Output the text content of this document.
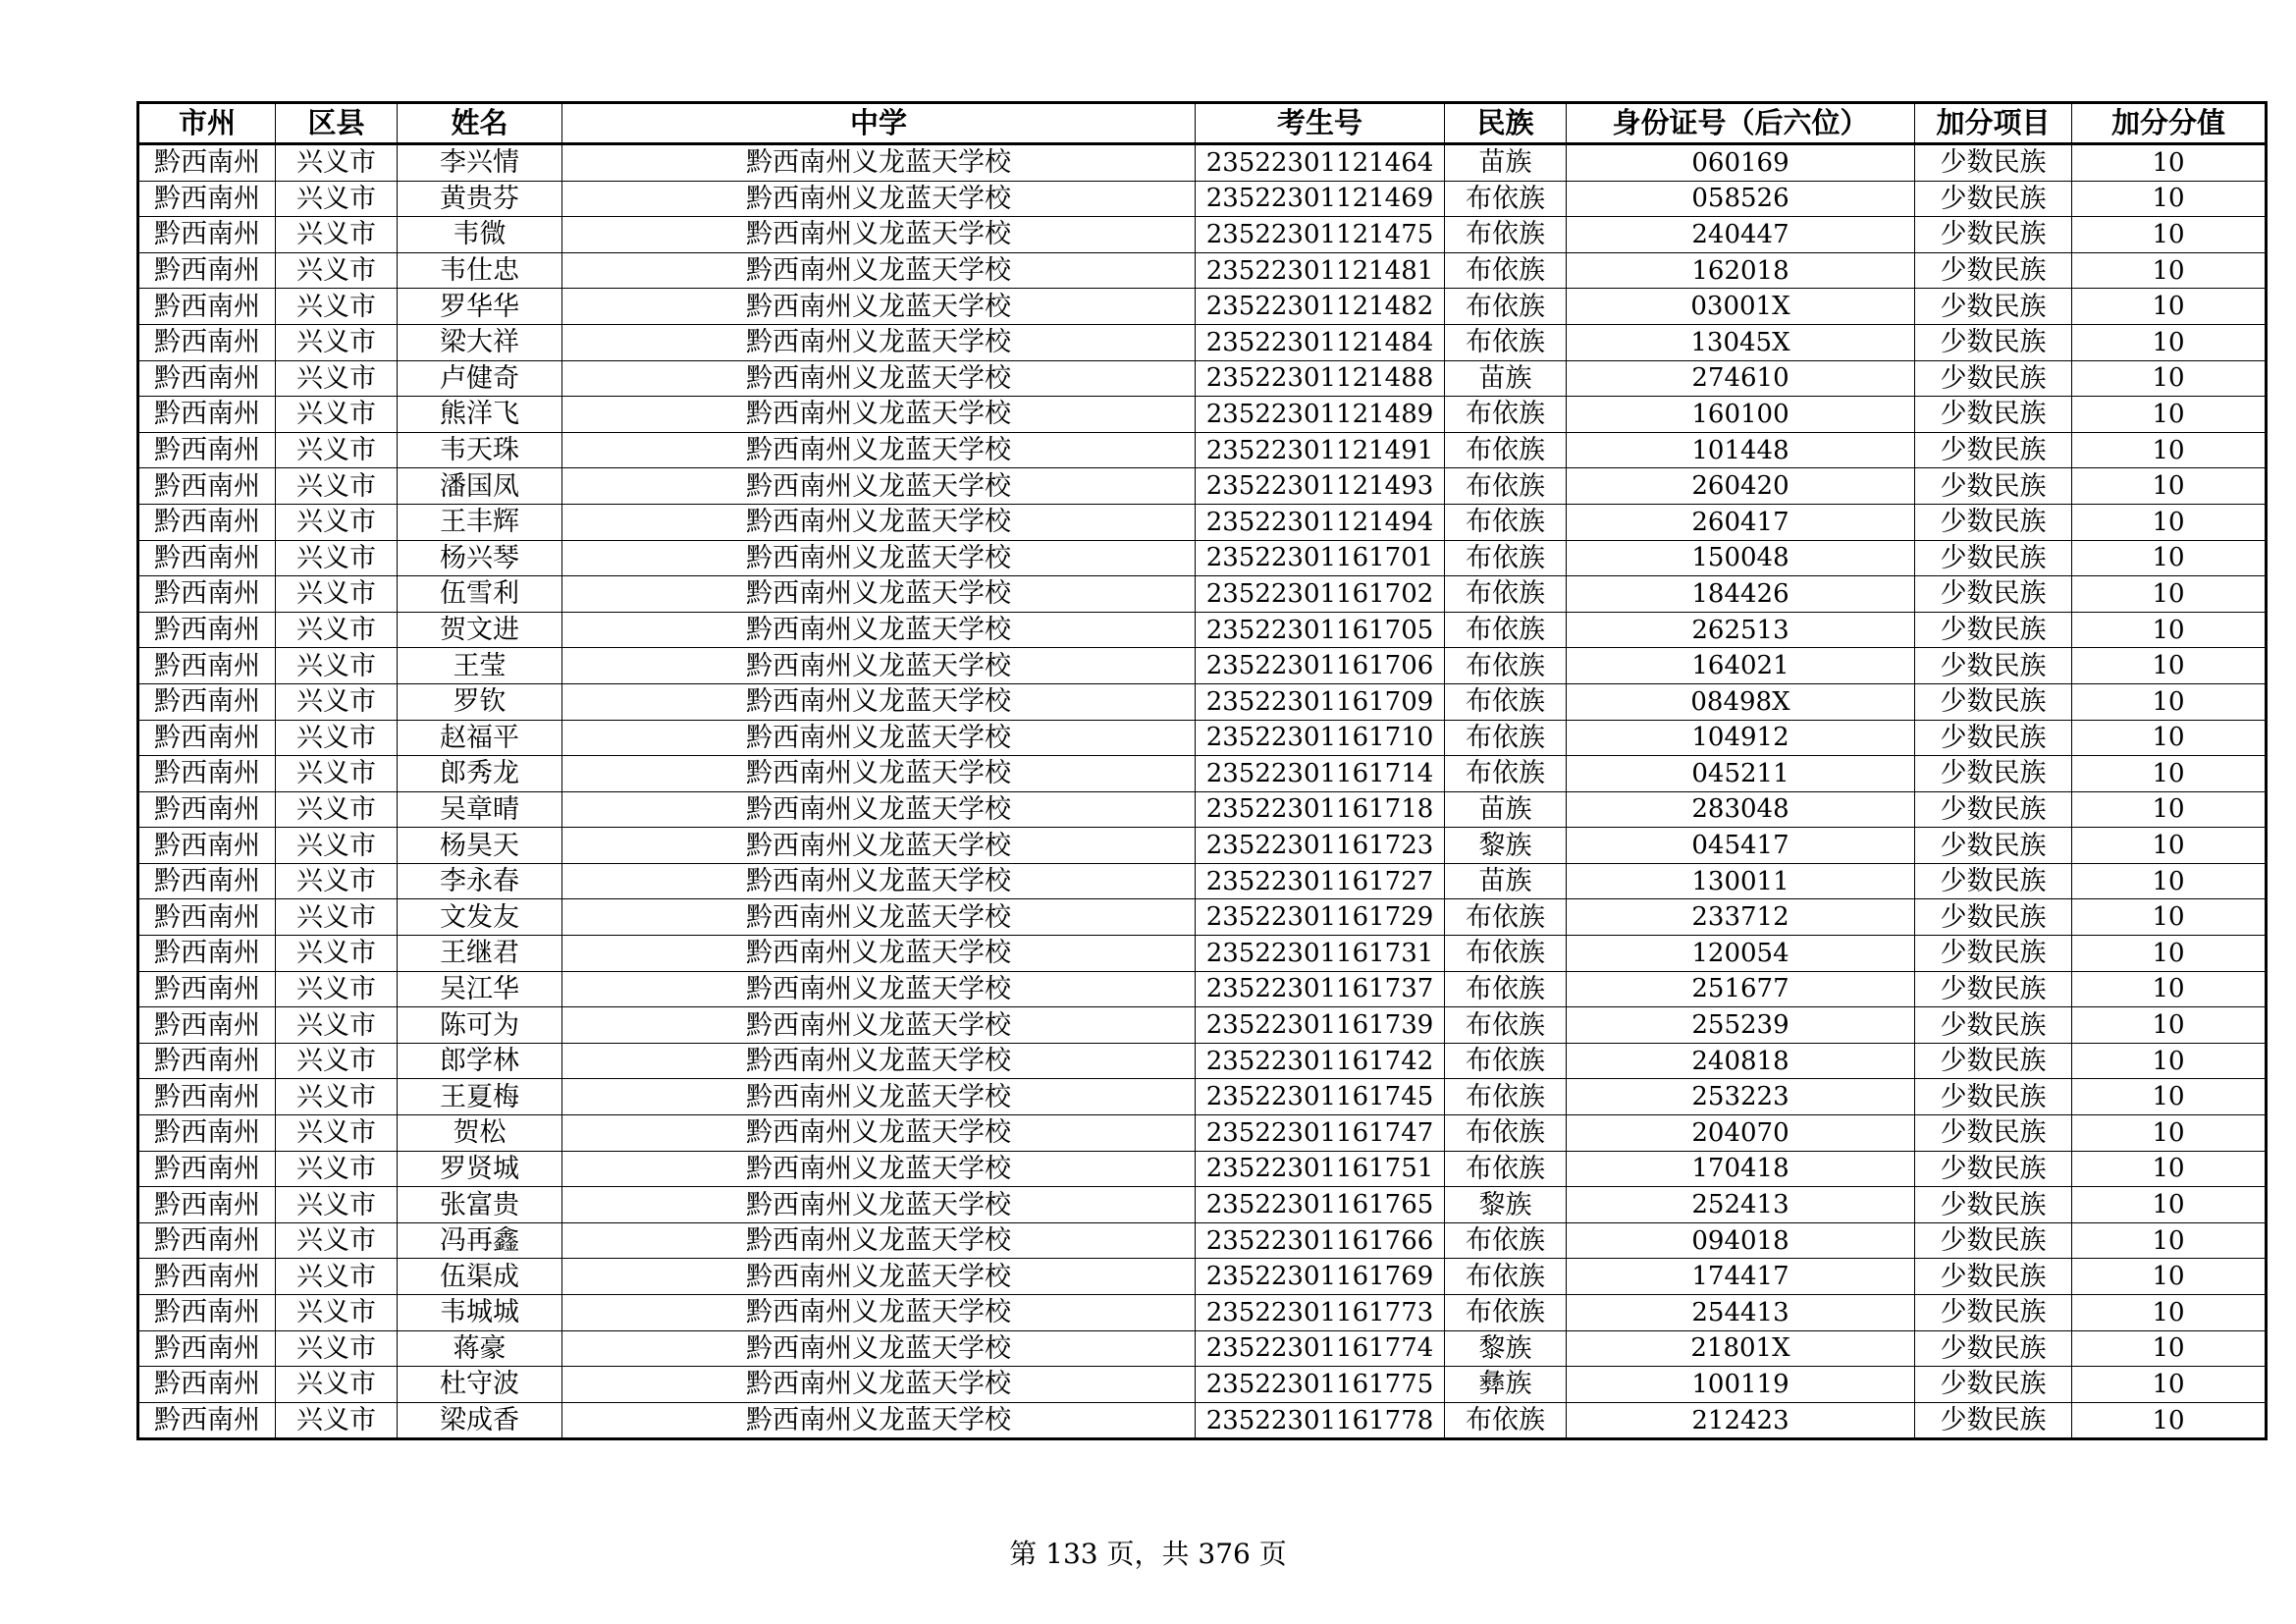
市州	区县	姓名	中学	考生号	民族	身份证号（后六位）	加分项目	加分分值
黔西南州	兴义市	李兴情	黔西南州义龙蓝天学校	23522301121464	苗族	060169	少数民族	10
黔西南州	兴义市	黄贵芬	黔西南州义龙蓝天学校	23522301121469	布依族	058526	少数民族	10
黔西南州	兴义市	韦微	黔西南州义龙蓝天学校	23522301121475	布依族	240447	少数民族	10
黔西南州	兴义市	韦仕忠	黔西南州义龙蓝天学校	23522301121481	布依族	162018	少数民族	10
黔西南州	兴义市	罗华华	黔西南州义龙蓝天学校	23522301121482	布依族	03001X	少数民族	10
黔西南州	兴义市	梁大祥	黔西南州义龙蓝天学校	23522301121484	布依族	13045X	少数民族	10
黔西南州	兴义市	卢健奇	黔西南州义龙蓝天学校	23522301121488	苗族	274610	少数民族	10
黔西南州	兴义市	熊洋飞	黔西南州义龙蓝天学校	23522301121489	布依族	160100	少数民族	10
黔西南州	兴义市	韦天珠	黔西南州义龙蓝天学校	23522301121491	布依族	101448	少数民族	10
黔西南州	兴义市	潘国凤	黔西南州义龙蓝天学校	23522301121493	布依族	260420	少数民族	10
黔西南州	兴义市	王丰辉	黔西南州义龙蓝天学校	23522301121494	布依族	260417	少数民族	10
黔西南州	兴义市	杨兴琴	黔西南州义龙蓝天学校	23522301161701	布依族	150048	少数民族	10
黔西南州	兴义市	伍雪利	黔西南州义龙蓝天学校	23522301161702	布依族	184426	少数民族	10
黔西南州	兴义市	贺文进	黔西南州义龙蓝天学校	23522301161705	布依族	262513	少数民族	10
黔西南州	兴义市	王莹	黔西南州义龙蓝天学校	23522301161706	布依族	164021	少数民族	10
黔西南州	兴义市	罗钦	黔西南州义龙蓝天学校	23522301161709	布依族	08498X	少数民族	10
黔西南州	兴义市	赵福平	黔西南州义龙蓝天学校	23522301161710	布依族	104912	少数民族	10
黔西南州	兴义市	郎秀龙	黔西南州义龙蓝天学校	23522301161714	布依族	045211	少数民族	10
黔西南州	兴义市	吴章晴	黔西南州义龙蓝天学校	23522301161718	苗族	283048	少数民族	10
黔西南州	兴义市	杨昊天	黔西南州义龙蓝天学校	23522301161723	黎族	045417	少数民族	10
黔西南州	兴义市	李永春	黔西南州义龙蓝天学校	23522301161727	苗族	130011	少数民族	10
黔西南州	兴义市	文发友	黔西南州义龙蓝天学校	23522301161729	布依族	233712	少数民族	10
黔西南州	兴义市	王继君	黔西南州义龙蓝天学校	23522301161731	布依族	120054	少数民族	10
黔西南州	兴义市	吴江华	黔西南州义龙蓝天学校	23522301161737	布依族	251677	少数民族	10
黔西南州	兴义市	陈可为	黔西南州义龙蓝天学校	23522301161739	布依族	255239	少数民族	10
黔西南州	兴义市	郎学林	黔西南州义龙蓝天学校	23522301161742	布依族	240818	少数民族	10
黔西南州	兴义市	王夏梅	黔西南州义龙蓝天学校	23522301161745	布依族	253223	少数民族	10
黔西南州	兴义市	贺松	黔西南州义龙蓝天学校	23522301161747	布依族	204070	少数民族	10
黔西南州	兴义市	罗贤城	黔西南州义龙蓝天学校	23522301161751	布依族	170418	少数民族	10
黔西南州	兴义市	张富贵	黔西南州义龙蓝天学校	23522301161765	黎族	252413	少数民族	10
黔西南州	兴义市	冯再鑫	黔西南州义龙蓝天学校	23522301161766	布依族	094018	少数民族	10
黔西南州	兴义市	伍渠成	黔西南州义龙蓝天学校	23522301161769	布依族	174417	少数民族	10
黔西南州	兴义市	韦城城	黔西南州义龙蓝天学校	23522301161773	布依族	254413	少数民族	10
黔西南州	兴义市	蒋豪	黔西南州义龙蓝天学校	23522301161774	黎族	21801X	少数民族	10
黔西南州	兴义市	杜守波	黔西南州义龙蓝天学校	23522301161775	彝族	100119	少数民族	10
黔西南州	兴义市	梁成香	黔西南州义龙蓝天学校	23522301161778	布依族	212423	少数民族	10
第 133 页，共 376 页
